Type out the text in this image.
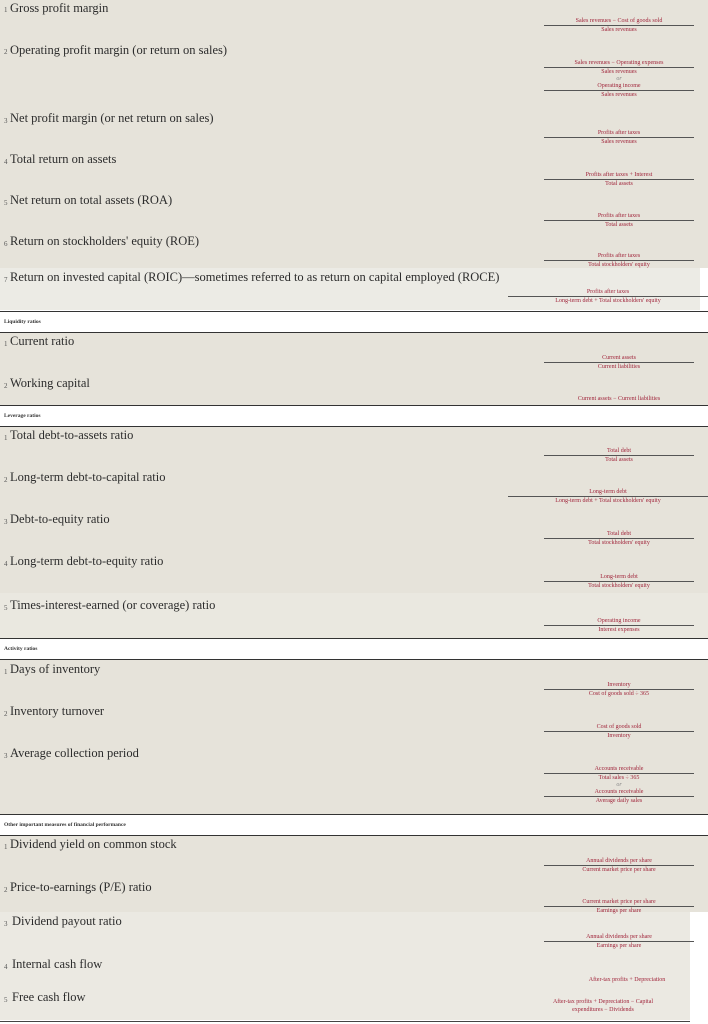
1 Gross profit margin
Sales revenues − Cost of goods sold
Sales revenues
2 Operating profit margin (or return on sales)
Sales revenues − Operating expenses
Sales revenues
or
Operating income
Sales revenues
3 Net profit margin (or net return on sales)
Profits after taxes
Sales revenues
4 Total return on assets
Profits after taxes + Interest
Total assets
5 Net return on total assets (ROA)
Profits after taxes
Total assets
6 Return on stockholders' equity (ROE)
Profits after taxes
Total stockholders' equity
7 Return on invested capital (ROIC)—sometimes referred to as return on capital employed (ROCE)
Profits after taxes
Long-term debt + Total stockholders' equity
Liquidity ratios
1 Current ratio
Current assets
Current liabilities
2 Working capital
Current assets − Current liabilities
Leverage ratios
1 Total debt-to-assets ratio
Total debt
Total assets
2 Long-term debt-to-capital ratio
Long-term debt
Long-term debt + Total stockholders' equity
3 Debt-to-equity ratio
Total debt
Total stockholders' equity
4 Long-term debt-to-equity ratio
Long-term debt
Total stockholders' equity
5 Times-interest-earned (or coverage) ratio
Operating income
Interest expenses
Activity ratios
1 Days of inventory
Inventory
Cost of goods sold ÷ 365
2 Inventory turnover
Cost of goods sold
Inventory
3 Average collection period
Accounts receivable
Total sales ÷ 365
or
Accounts receivable
Average daily sales
Other important measures of financial performance
1 Dividend yield on common stock
Annual dividends per share
Current market price per share
2 Price-to-earnings (P/E) ratio
Current market price per share
Earnings per share
3 Dividend payout ratio
Annual dividends per share
Earnings per share
4 Internal cash flow
After-tax profits + Depreciation
5 Free cash flow	After-tax profits + Depreciation − Capital
expenditures − Dividends
